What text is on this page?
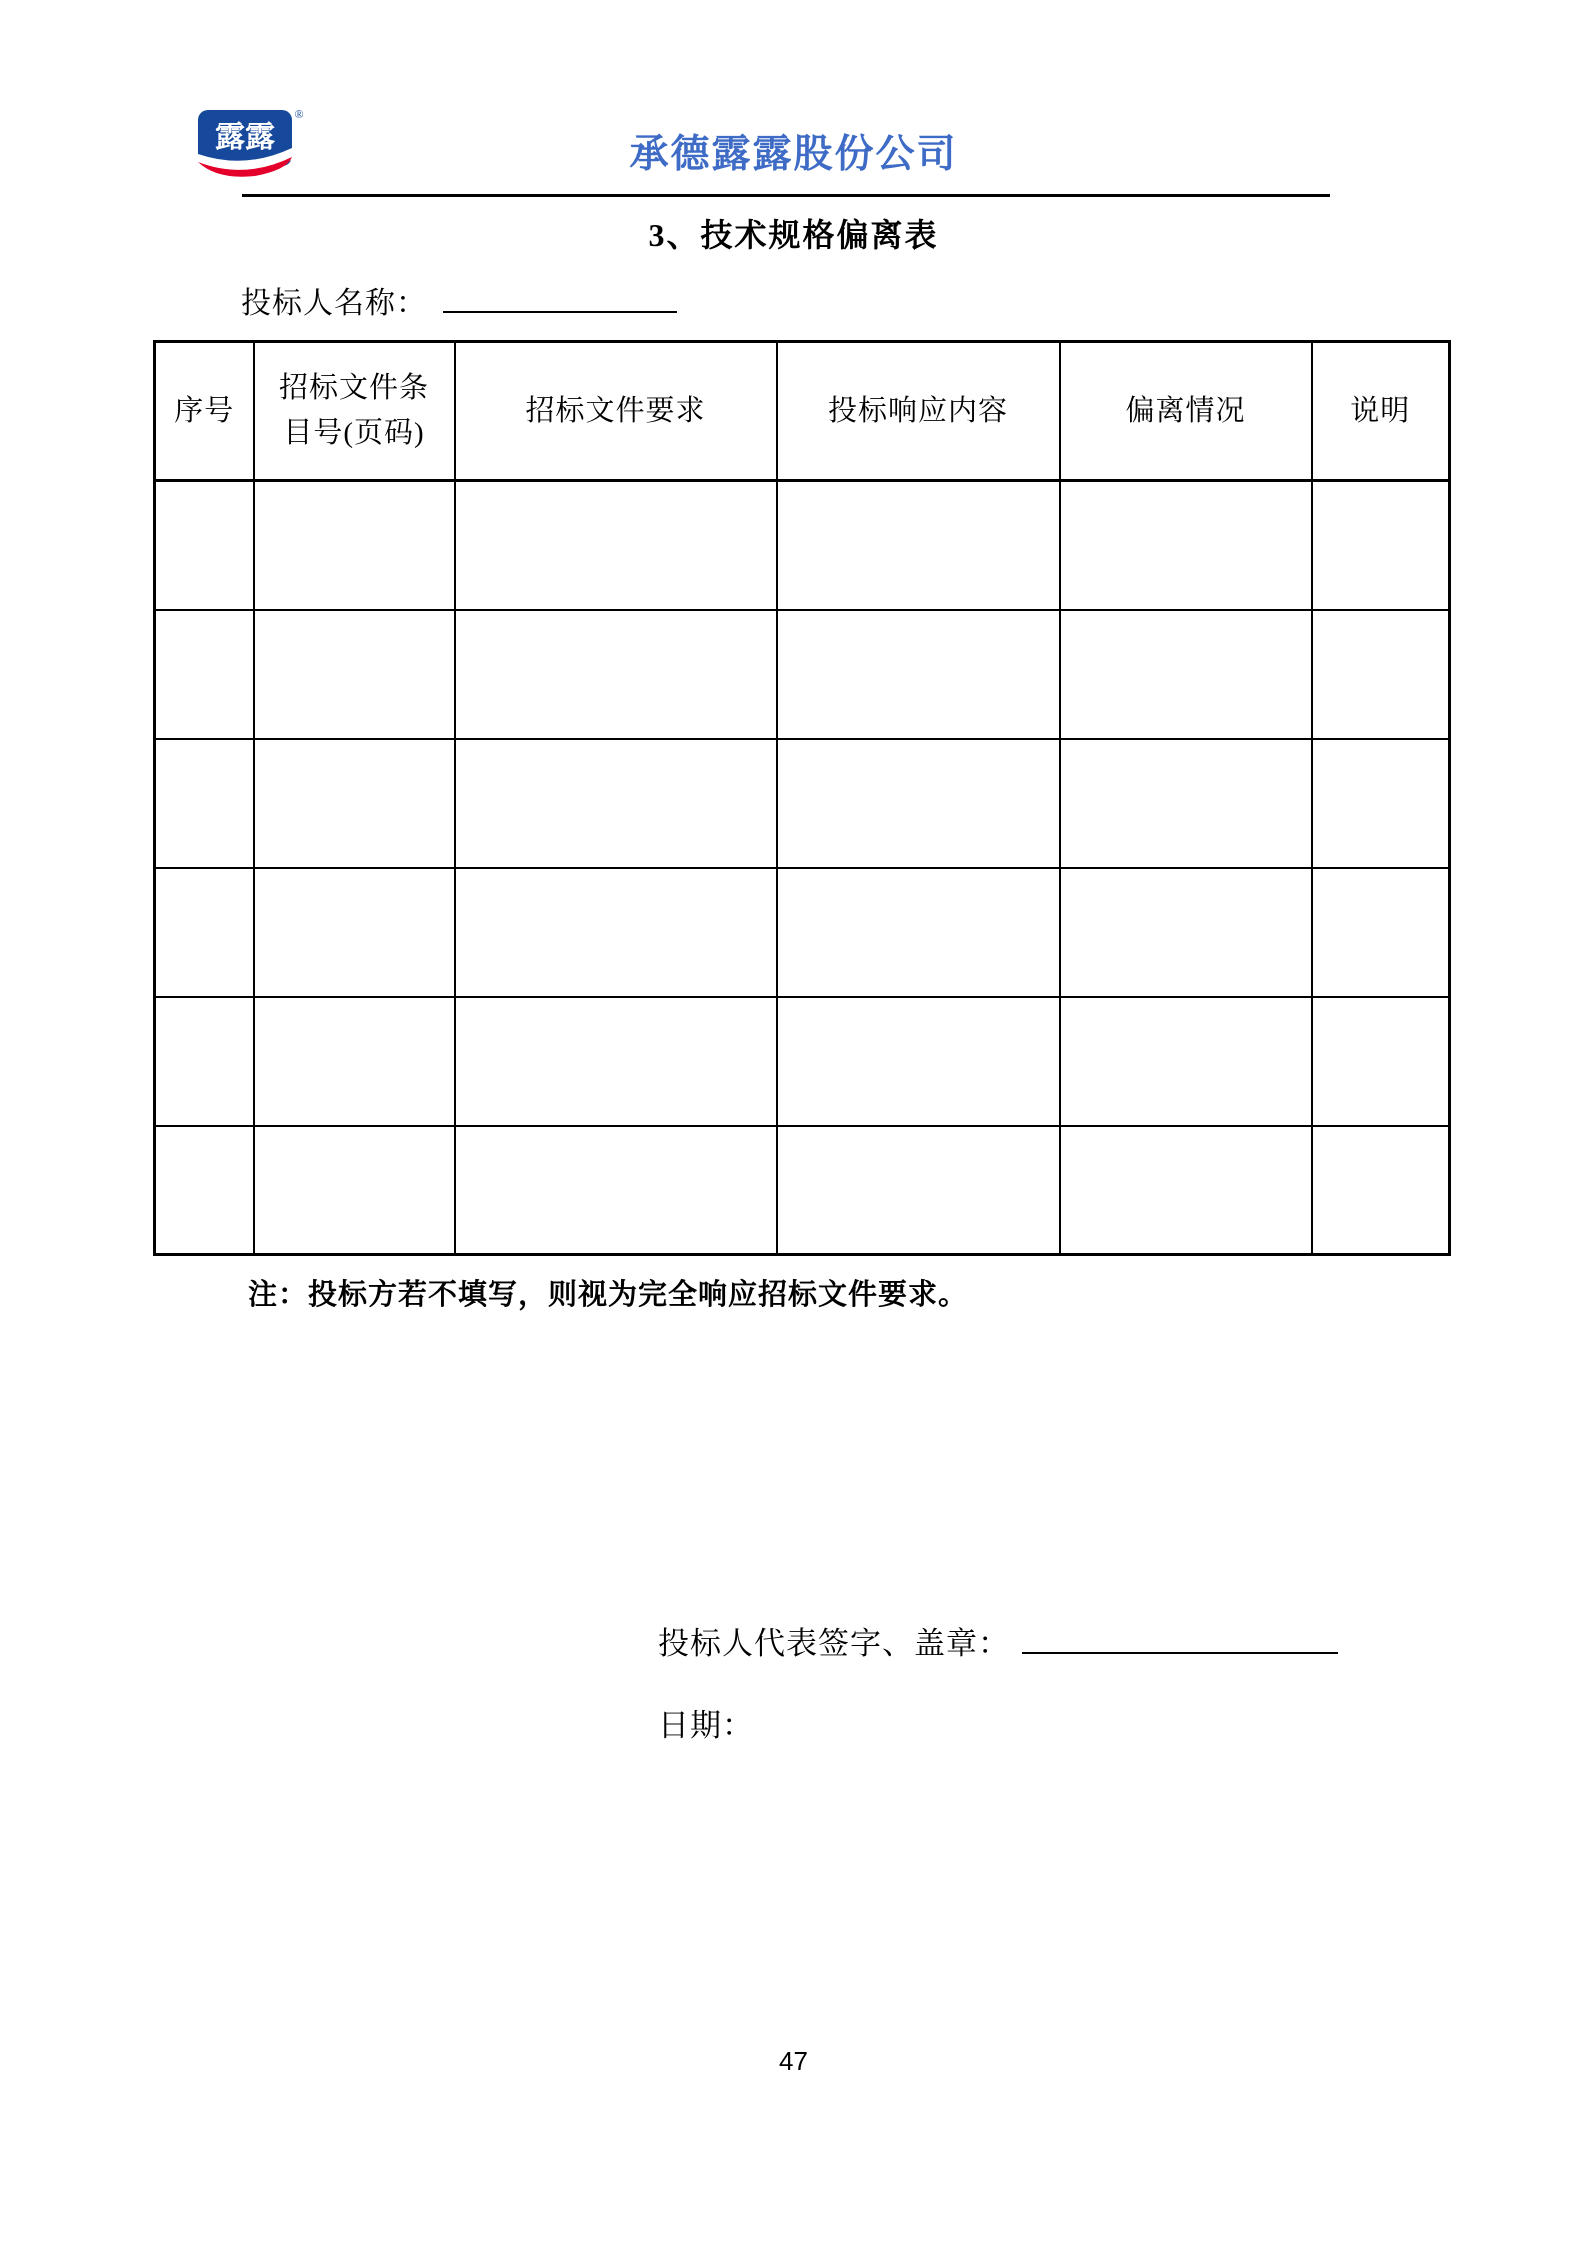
露露
®
承德露露股份公司
3、技术规格偏离表
投标人名称：
序号	招标文件条目号(页码)	招标文件要求	投标响应内容	偏离情况	说明

注：投标方若不填写，则视为完全响应招标文件要求。
投标人代表签字、盖章：
日期：
47
